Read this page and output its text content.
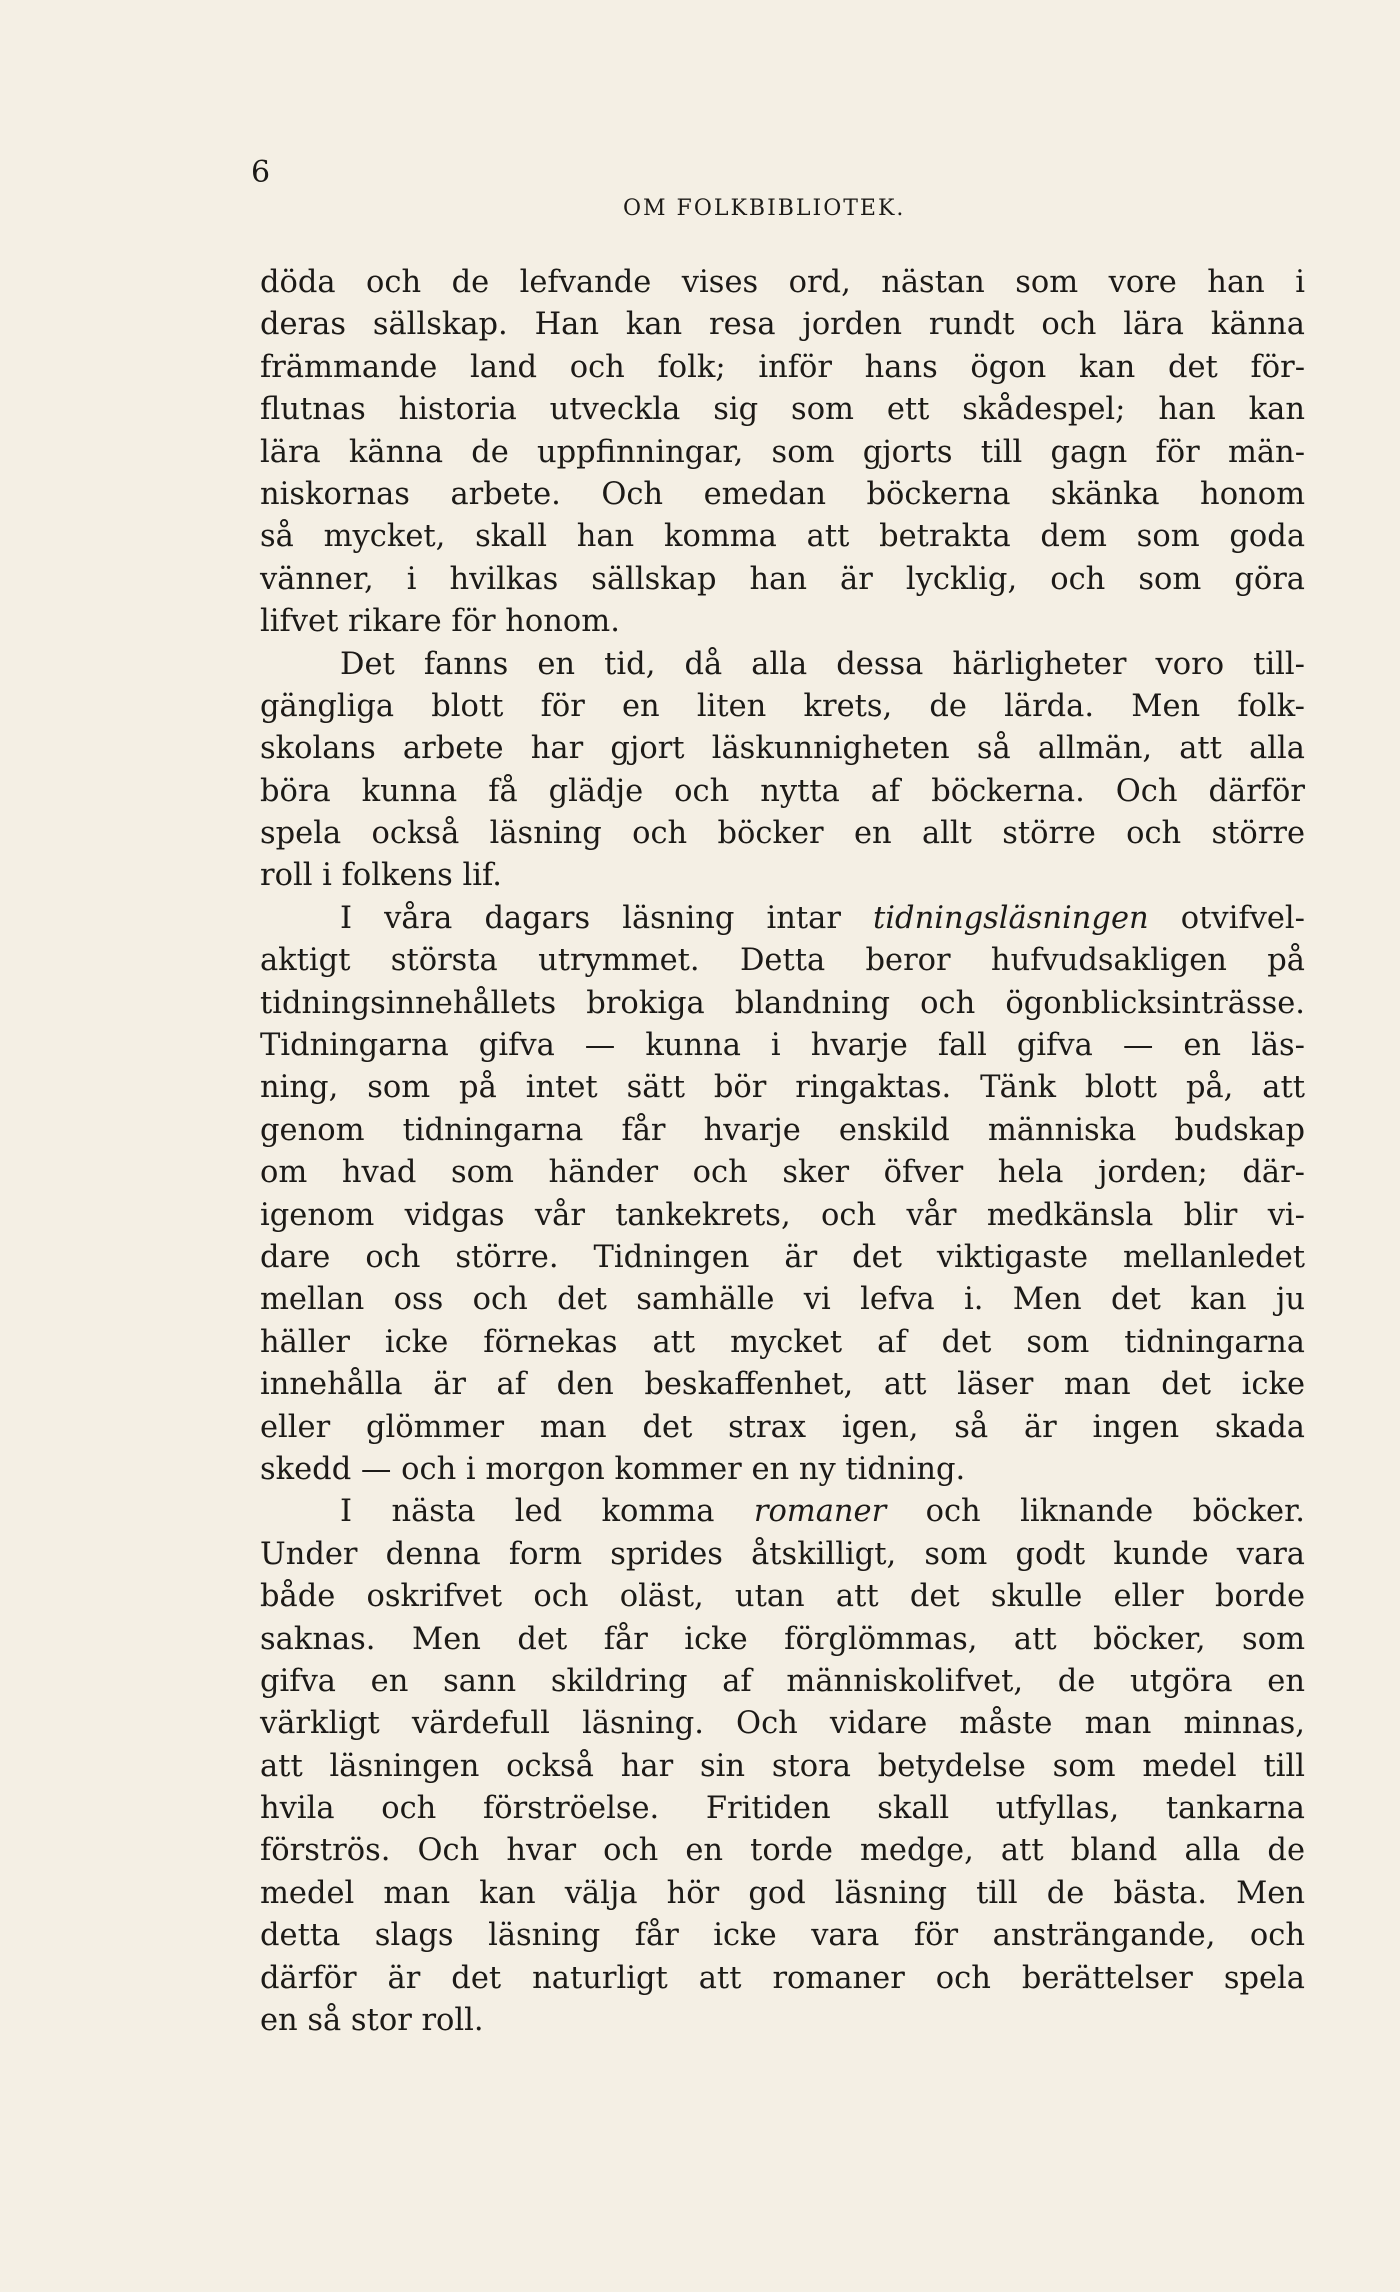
6
OM FOLKBIBLIOTEK.
döda och de lefvande vises ord, nästan som vore han i
deras sällskap. Han kan resa jorden rundt och lära känna
främmande land och folk; inför hans ögon kan det för-
flutnas historia utveckla sig som ett skådespel; han kan
lära känna de uppfinningar, som gjorts till gagn för män-
niskornas arbete. Och emedan böckerna skänka honom
så mycket, skall han komma att betrakta dem som goda
vänner, i hvilkas sällskap han är lycklig, och som göra
lifvet rikare för honom.
Det fanns en tid, då alla dessa härligheter voro till-
gängliga blott för en liten krets, de lärda. Men folk-
skolans arbete har gjort läskunnigheten så allmän, att alla
böra kunna få glädje och nytta af böckerna. Och därför
spela också läsning och böcker en allt större och större
roll i folkens lif.
I våra dagars läsning intar tidningsläsningen otvifvel-
aktigt största utrymmet. Detta beror hufvudsakligen på
tidningsinnehållets brokiga blandning och ögonblicksinträsse.
Tidningarna gifva — kunna i hvarje fall gifva — en läs-
ning, som på intet sätt bör ringaktas. Tänk blott på, att
genom tidningarna får hvarje enskild människa budskap
om hvad som händer och sker öfver hela jorden; där-
igenom vidgas vår tankekrets, och vår medkänsla blir vi-
dare och större. Tidningen är det viktigaste mellanledet
mellan oss och det samhälle vi lefva i. Men det kan ju
häller icke förnekas att mycket af det som tidningarna
innehålla är af den beskaffenhet, att läser man det icke
eller glömmer man det strax igen, så är ingen skada
skedd — och i morgon kommer en ny tidning.
I nästa led komma romaner och liknande böcker.
Under denna form sprides åtskilligt, som godt kunde vara
både oskrifvet och oläst, utan att det skulle eller borde
saknas. Men det får icke förglömmas, att böcker, som
gifva en sann skildring af människolifvet, de utgöra en
värkligt värdefull läsning. Och vidare måste man minnas,
att läsningen också har sin stora betydelse som medel till
hvila och förströelse. Fritiden skall utfyllas, tankarna
förströs. Och hvar och en torde medge, att bland alla de
medel man kan välja hör god läsning till de bästa. Men
detta slags läsning får icke vara för ansträngande, och
därför är det naturligt att romaner och berättelser spela
en så stor roll.
